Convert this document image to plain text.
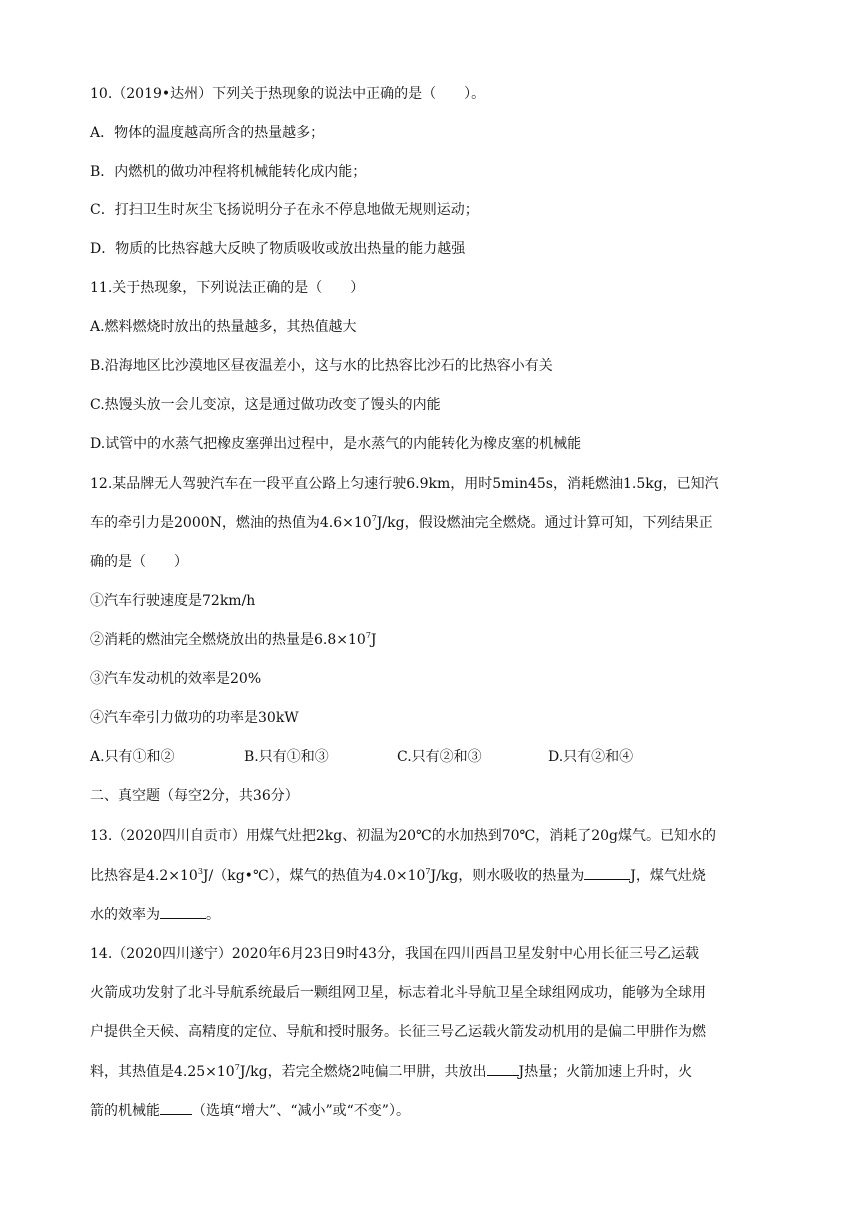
10.（2019•达州）下列关于热现象的说法中正确的是（　　）。
A．物体的温度越高所含的热量越多；
B．内燃机的做功冲程将机械能转化成内能；
C．打扫卫生时灰尘飞扬说明分子在永不停息地做无规则运动；
D．物质的比热容越大反映了物质吸收或放出热量的能力越强
11.关于热现象，下列说法正确的是（　　）
A.燃料燃烧时放出的热量越多，其热值越大
B.沿海地区比沙漠地区昼夜温差小，这与水的比热容比沙石的比热容小有关
C.热馒头放一会儿变凉，这是通过做功改变了馒头的内能
D.试管中的水蒸气把橡皮塞弹出过程中，是水蒸气的内能转化为橡皮塞的机械能
12.某品牌无人驾驶汽车在一段平直公路上匀速行驶6.9km，用时5min45s，消耗燃油1.5kg，已知汽
车的牵引力是2000N，燃油的热值为$4.6\times 10^7J/kg$，假设燃油完全燃烧。通过计算可知，下列结果正
确的是（　　）
①汽车行驶速度是72km/h
②消耗的燃油完全燃烧放出的热量是$6.8\times 10^7J$
③汽车发动机的效率是20%
④汽车牵引力做功的功率是30kW
A.只有①和②	B.只有①和③	C.只有②和③	D.只有②和④
二、真空题（每空2分，共36分）
13.（2020四川自贡市）用煤气灶把2kg、初温为20℃的水加热到70℃，消耗了20g煤气。已知水的
比热容是$4.2\times 10^3J/(kg•℃)$，煤气的热值为$4.0\times 10^7J/kg$，则水吸收的热量为	J，煤气灶烧
水的效率为	。
14.（2020四川遂宁）2020年6月23日9时43分，我国在四川西昌卫星发射中心用长征三号乙运载
火箭成功发射了北斗导航系统最后一颗组网卫星，标志着北斗导航卫星全球组网成功，能够为全球用
户提供全天候、高精度的定位、导航和授时服务。长征三号乙运载火箭发动机用的是偏二甲肼作为燃
料，其热值是$4.25\times 10^7J/kg$，若完全燃烧2吨偏二甲肼，共放出 J热量；火箭加速上升时，火
箭的机械能 （选填“增大”、“减小”或“不变”）。
